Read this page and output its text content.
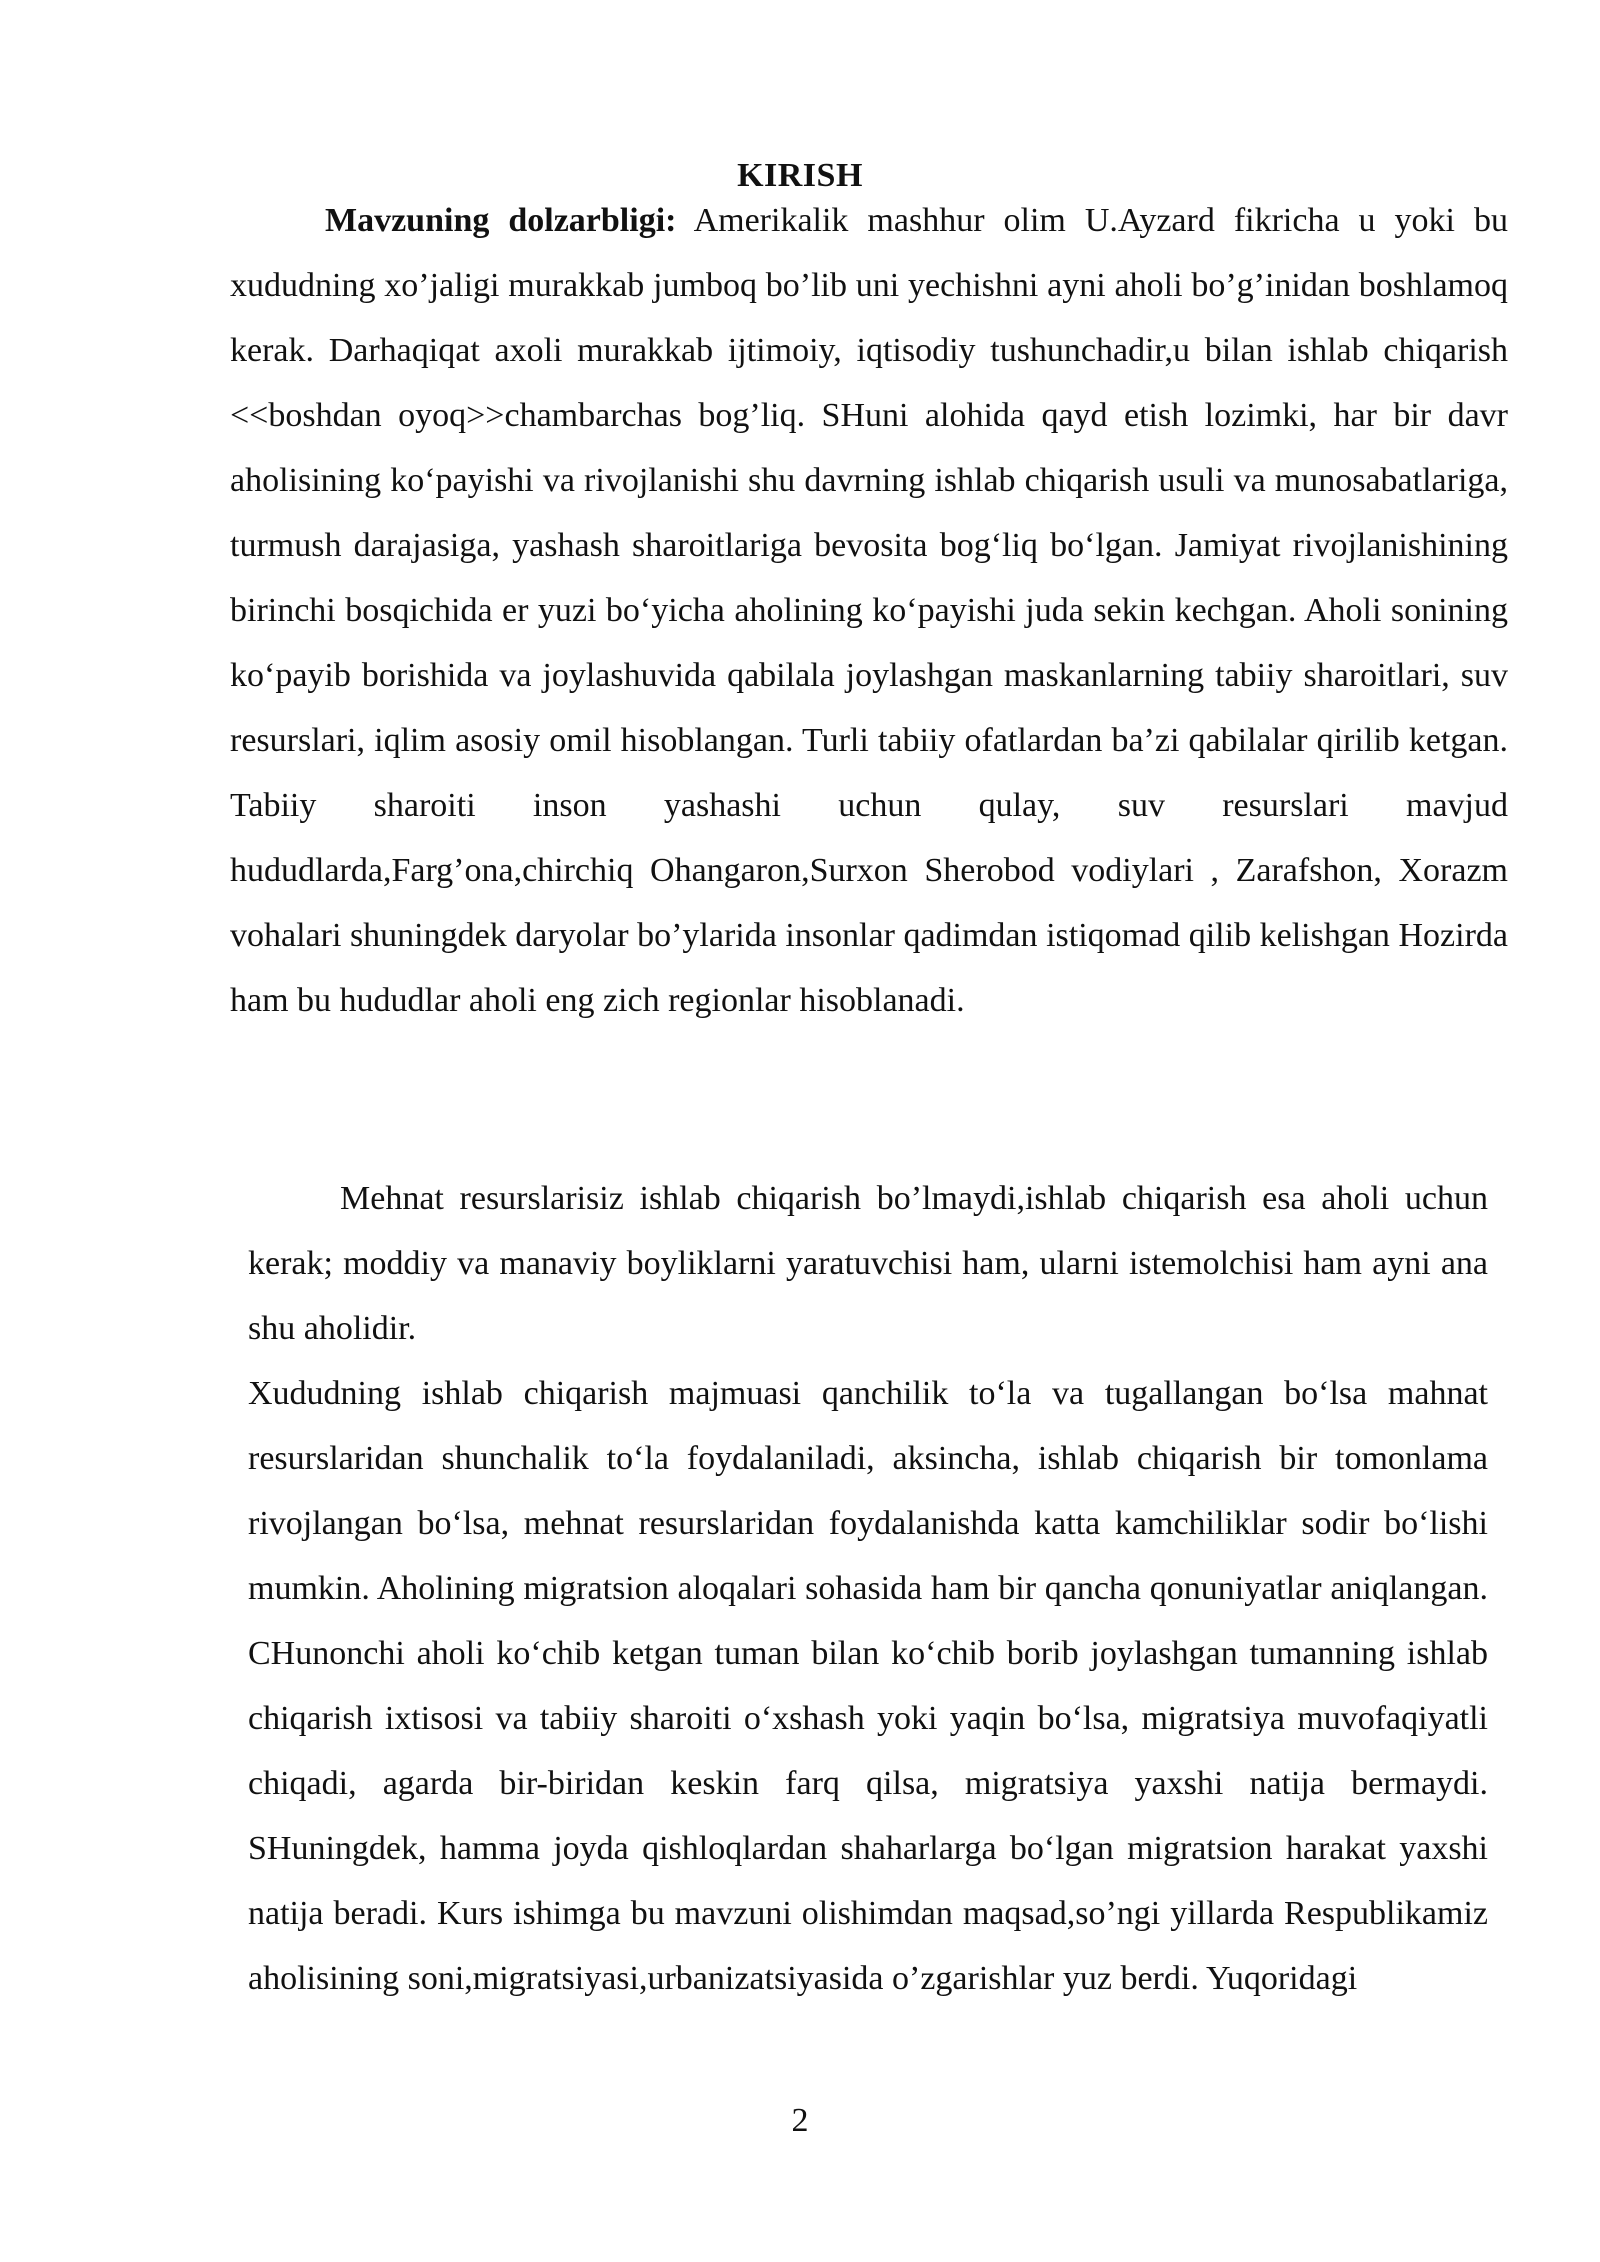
KIRISH

Mavzuning dolzarbligi: Amerikalik mashhur olim U.Ayzard fikricha u yoki bu xududning xo’jaligi murakkab jumboq bo’lib uni yechishni ayni aholi bo’g’inidan boshlamoq kerak. Darhaqiqat axoli murakkab ijtimoiy, iqtisodiy tushunchadir,u bilan ishlab chiqarish <<boshdan oyoq>>chambarchas bog’liq. SHuni alohida qayd etish lozimki, har bir davr aholisining ko‘payishi va rivojlanishi shu davrning ishlab chiqarish usuli va munosabatlariga, turmush darajasiga, yashash sharoitlariga bevosita bog‘liq bo‘lgan. Jamiyat rivojlanishining birinchi bosqichida er yuzi bo‘yicha aholining ko‘payishi juda sekin kechgan. Aholi sonining ko‘payib borishida va joylashuvida qabilala joylashgan maskanlarning tabiiy sharoitlari, suv resurslari, iqlim asosiy omil hisoblangan. Turli tabiiy ofatlardan ba’zi qabilalar qirilib ketgan. Tabiiy sharoiti inson yashashi uchun qulay, suv resurslari mavjud hududlarda,Farg’ona,chirchiq Ohangaron,Surxon Sherobod vodiylari , Zarafshon, Xorazm vohalari shuningdek daryolar bo’ylarida insonlar qadimdan istiqomad qilib kelishgan Hozirda ham bu hududlar aholi eng zich regionlar hisoblanadi.

Mehnat resurslarisiz ishlab chiqarish bo’lmaydi,ishlab chiqarish esa aholi uchun kerak; moddiy va manaviy boyliklarni yaratuvchisi ham, ularni istemolchisi ham ayni ana shu aholidir.

Xududning ishlab chiqarish majmuasi qanchilik to‘la va tugallangan bo‘lsa mahnat resurslaridan shunchalik to‘la foydalaniladi, aksincha, ishlab chiqarish bir tomonlama rivojlangan bo‘lsa, mehnat resurslaridan foydalanishda katta kamchiliklar sodir bo‘lishi mumkin. Aholining migratsion aloqalari sohasida ham bir qancha qonuniyatlar aniqlangan. CHunonchi aholi ko‘chib ketgan tuman bilan ko‘chib borib joylashgan tumanning ishlab chiqarish ixtisosi va tabiiy sharoiti o‘xshash yoki yaqin bo‘lsa, migratsiya muvofaqiyatli chiqadi, agarda bir-biridan keskin farq qilsa, migratsiya yaxshi natija bermaydi. SHuningdek, hamma joyda qishloqlardan shaharlarga bo‘lgan migratsion harakat yaxshi natija beradi. Kurs ishimga bu mavzuni olishimdan maqsad,so’ngi yillarda Respublikamiz aholisining soni,migratsiyasi,urbanizatsiyasida o’zgarishlar yuz berdi. Yuqoridagi

2
